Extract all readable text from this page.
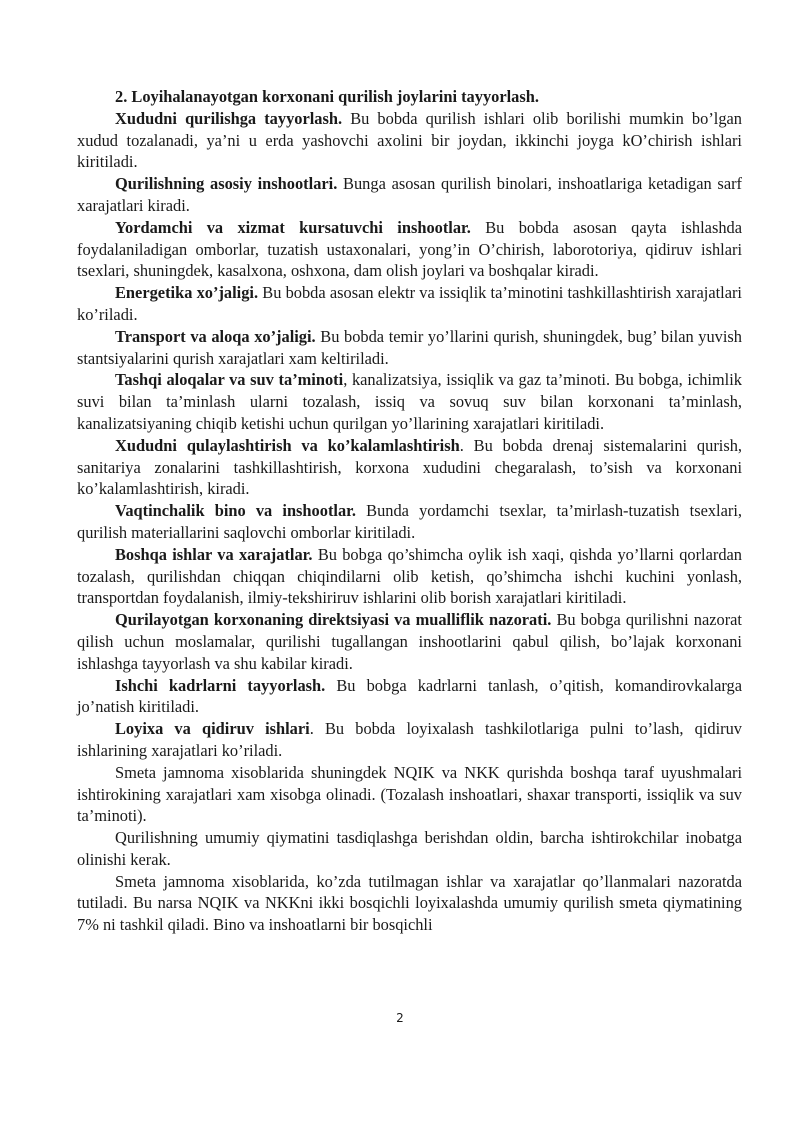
2. Loyihalanayotgan korxonani qurilish joylarini tayyorlash.

Xududni qurilishga tayyorlash. Bu bobda qurilish ishlari olib borilishi mumkin bo’lgan xudud tozalanadi, ya’ni u erda yashovchi axolini bir joydan, ikkinchi joyga kO’chirish ishlari kiritiladi.

Qurilishning asosiy inshootlari. Bunga asosan qurilish binolari, inshoatlariga ketadigan sarf xarajatlari kiradi.

Yordamchi va xizmat kursatuvchi inshootlar. Bu bobda asosan qayta ishlashda foydalaniladigan omborlar, tuzatish ustaxonalari, yong’in O’chirish, laborotoriya, qidiruv ishlari tsexlari, shuningdek, kasalxona, oshxona, dam olish joylari va boshqalar kiradi.

Energetika xo’jaligi. Bu bobda asosan elektr va issiqlik ta’minotini tashkillashtirish xarajatlari ko’riladi.

Transport va aloqa xo’jaligi. Bu bobda temir yo’llarini qurish, shuningdek, bug’ bilan yuvish stantsiyalarini qurish xarajatlari xam keltiriladi.

Tashqi aloqalar va suv ta’minoti, kanalizatsiya, issiqlik va gaz ta’minoti. Bu bobga, ichimlik suvi bilan ta’minlash ularni tozalash, issiq va sovuq suv bilan korxonani ta’minlash, kanalizatsiyaning chiqib ketishi uchun qurilgan yo’llarining xarajatlari kiritiladi.

Xududni qulaylashtirish va ko’kalamlashtirish. Bu bobda drenaj sistemalarini qurish, sanitariya zonalarini tashkillashtirish, korxona xududini chegaralash, to’sish va korxonani ko’kalamlashtirish, kiradi.

Vaqtinchalik bino va inshootlar. Bunda yordamchi tsexlar, ta’mirlash-tuzatish tsexlari, qurilish materiallarini saqlovchi omborlar kiritiladi.

Boshqa ishlar va xarajatlar. Bu bobga qo’shimcha oylik ish xaqi, qishda yo’llarni qorlardan tozalash, qurilishdan chiqqan chiqindilarni olib ketish, qo’shimcha ishchi kuchini yonlash, transportdan foydalanish, ilmiy-tekshiriruv ishlarini olib borish xarajatlari kiritiladi.

Qurilayotgan korxonaning direktsiyasi va mualliflik nazorati. Bu bobga qurilishni nazorat qilish uchun moslamalar, qurilishi tugallangan inshootlarini qabul qilish, bo’lajak korxonani ishlashga tayyorlash va shu kabilar kiradi.

Ishchi kadrlarni tayyorlash. Bu bobga kadrlarni tanlash, o’qitish, komandirovkalarga jo’natish kiritiladi.

Loyixa va qidiruv ishlari. Bu bobda loyixalash tashkilotlariga pulni to’lash, qidiruv ishlarining xarajatlari ko’riladi.

Smeta jamnoma xisoblarida shuningdek NQIK va NKK qurishda boshqa taraf uyushmalari ishtirokining xarajatlari xam xisobga olinadi. (Tozalash inshoatlari, shaxar transporti, issiqlik va suv ta’minoti).

Qurilishning umumiy qiymatini tasdiqlashga berishdan oldin, barcha ishtirokchilar inobatga olinishi kerak.

Smeta jamnoma xisoblarida, ko’zda tutilmagan ishlar va xarajatlar qo’llanmalari nazoratda tutiladi. Bu narsa NQIK va NKKni ikki bosqichli loyixalashda umumiy qurilish smeta qiymatining 7% ni tashkil qiladi. Bino va inshoatlarni bir bosqichli

2
